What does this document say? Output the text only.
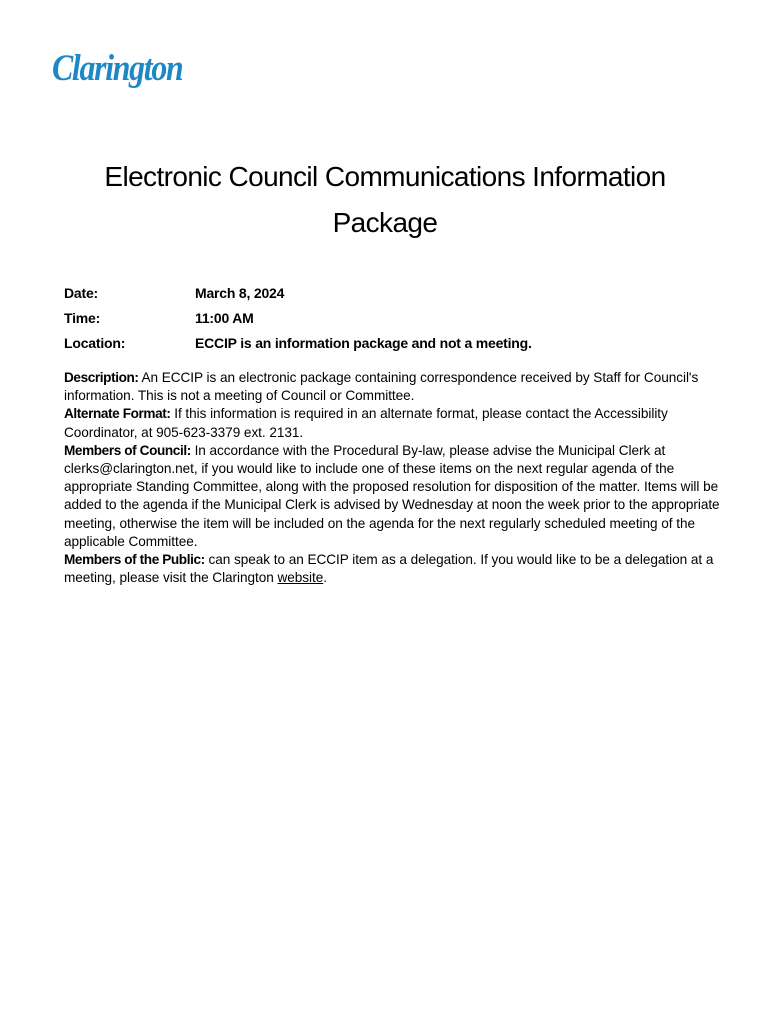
Clarington
Electronic Council Communications Information
Package
Date:	March 8, 2024
Time:	11:00 AM
Location:	ECCIP is an information package and not a meeting.

Description: An ECCIP is an electronic package containing correspondence received by Staff for Council's information. This is not a meeting of Council or Committee.

Alternate Format: If this information is required in an alternate format, please contact the Accessibility Coordinator, at 905-623-3379 ext. 2131.

Members of Council: In accordance with the Procedural By-law, please advise the Municipal Clerk at clerks@clarington.net, if you would like to include one of these items on the next regular agenda of the appropriate Standing Committee, along with the proposed resolution for disposition of the matter. Items will be added to the agenda if the Municipal Clerk is advised by Wednesday at noon the week prior to the appropriate meeting, otherwise the item will be included on the agenda for the next regularly scheduled meeting of the applicable Committee.

Members of the Public: can speak to an ECCIP item as a delegation. If you would like to be a delegation at a meeting, please visit the Clarington website.
